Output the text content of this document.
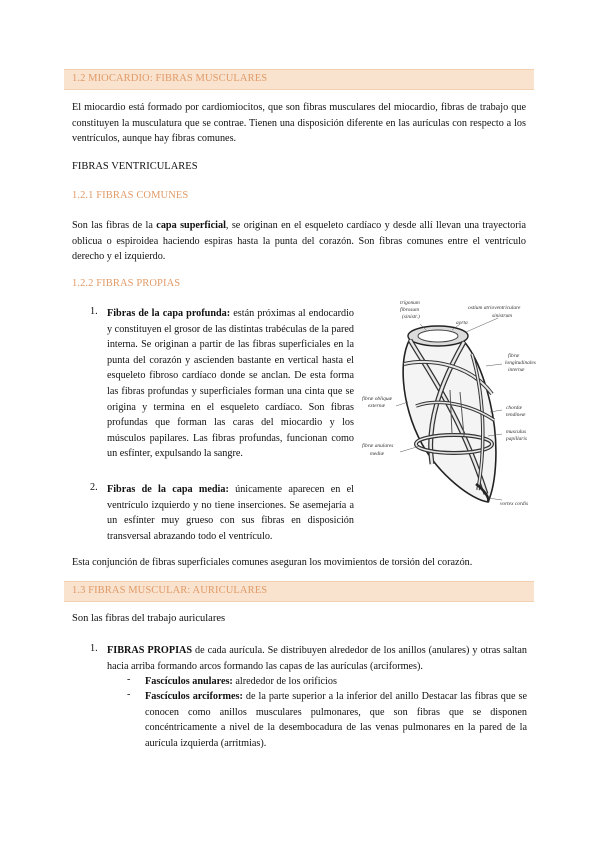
1.2 MIOCARDIO: FIBRAS MUSCULARES
El miocardio está formado por cardiomiocitos, que son fibras musculares del miocardio, fibras de trabajo que constituyen la musculatura que se contrae. Tienen una disposición diferente en las aurículas con respecto a los ventrículos, aunque hay fibras comunes.
FIBRAS VENTRICULARES
1.2.1 FIBRAS COMUNES
Son las fibras de la capa superficial, se originan en el esqueleto cardíaco y desde allí llevan una trayectoria oblicua o espiroidea haciendo espiras hasta la punta del corazón. Son fibras comunes entre el ventrículo derecho y el izquierdo.
1.2.2 FIBRAS PROPIAS
1. Fibras de la capa profunda: están próximas al endocardio y constituyen el grosor de las distintas trabéculas de la pared interna. Se originan a partir de las fibras superficiales en la punta del corazón y ascienden bastante en vertical hasta el esqueleto fibroso cardíaco donde se anclan. De esta forma las fibras profundas y superficiales forman una cinta que se origina y termina en el esqueleto cardíaco. Son fibras profundas que forman las caras del miocardio y los músculos papilares. Las fibras profundas, funcionan como un esfínter, expulsando la sangre.
2. Fibras de la capa media: únicamente aparecen en el ventrículo izquierdo y no tiene inserciones. Se asemejaría a un esfínter muy grueso con sus fibras en disposición transversal abrazando todo el ventrículo.
trígonum
fibrosum
(sinistr.)
aorta
ostium atrioventriculare
sinistrum
fibræ
longitudinales
internæ
fibræ obliquæ
externæ	chordæ
tendineæ
musculus
papillaris
fibræ anulares
mediæ
vortex cordis
Esta conjunción de fibras superficiales comunes aseguran los movimientos de torsión del corazón.
1.3 FIBRAS MUSCULAR: AURICULARES
Son las fibras del trabajo auriculares
1. FIBRAS PROPIAS de cada aurícula. Se distribuyen alrededor de los anillos (anulares) y otras saltan hacia arriba formando arcos formando las capas de las aurículas (arciformes).
- Fascículos anulares: alrededor de los orificios
- Fascículos arciformes: de la parte superior a la inferior del anillo Destacar las fibras que se conocen como anillos musculares pulmonares, que son fibras que se disponen concéntricamente a nivel de la desembocadura de las venas pulmonares en la pared de la aurícula izquierda (arritmias).
